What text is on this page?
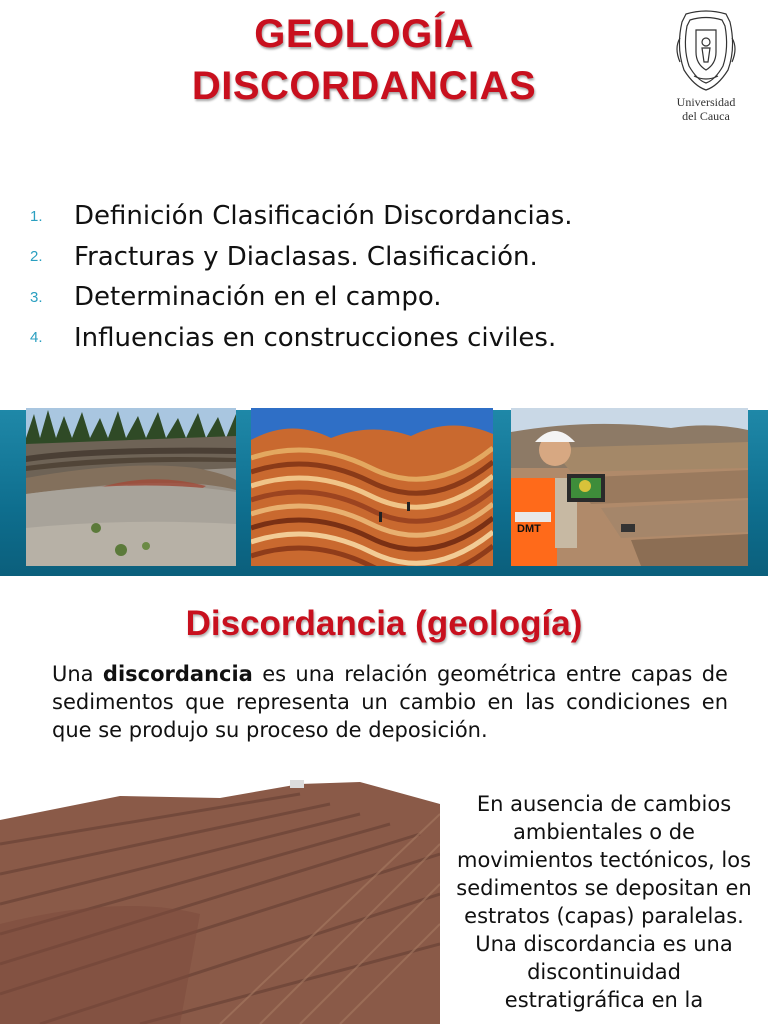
GEOLOGÍA
DISCORDANCIAS	Universidad
del Cauca
1.	Definición Clasificación Discordancias.
2.	Fracturas y Diaclasas. Clasificación.
3.	Determinación en el campo.
4.	Influencias en construcciones civiles.
DMT
Discordancia (geología)

Una discordancia es una relación geométrica entre capas de sedimentos que representa un cambio en las condiciones en que se produjo su proceso de deposición.

En ausencia de cambios ambientales o de movimientos tectónicos, los sedimentos se depositan en estratos (capas) paralelas. Una discordancia es una discontinuidad estratigráfica en la
